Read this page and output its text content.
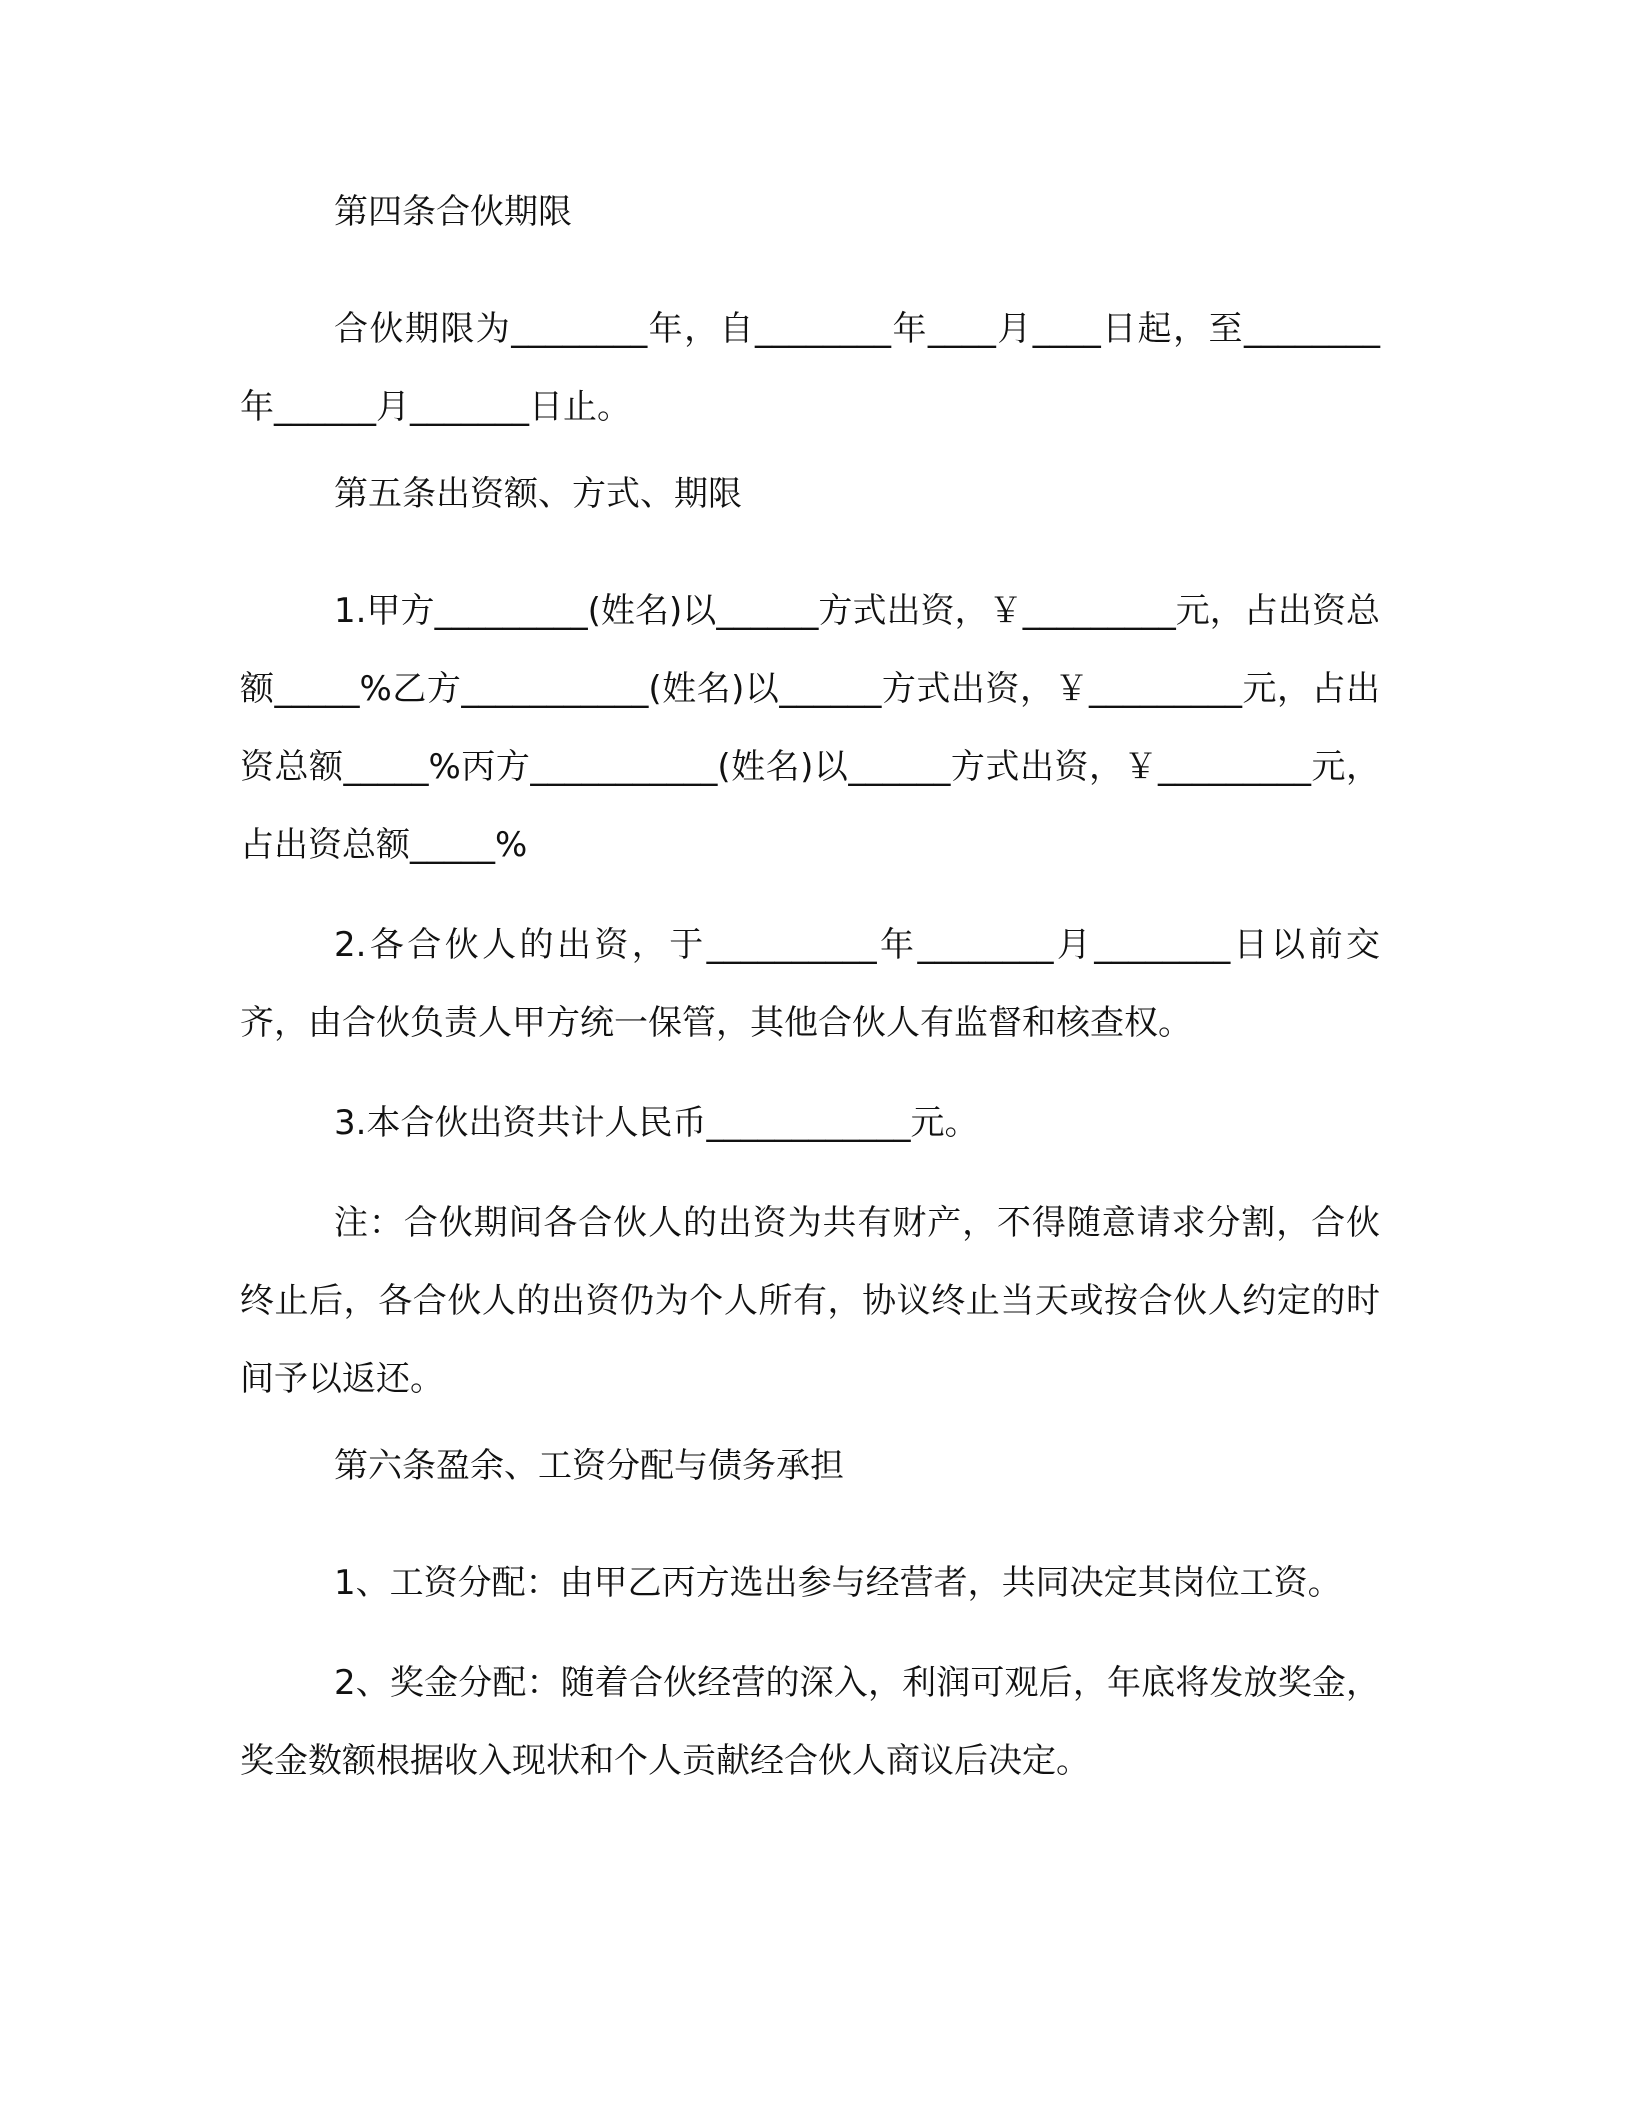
第四条合伙期限

合伙期限为________年，自________年____月____日起，至________年______月_______日止。

第五条出资额、方式、期限

1.甲方_________(姓名)以______方式出资，￥_________元，占出资总额_____%乙方___________(姓名)以______方式出资，￥_________元，占出资总额_____%丙方___________(姓名)以______方式出资，￥_________元，占出资总额_____%

2.各合伙人的出资，于__________年________月________日以前交齐，由合伙负责人甲方统一保管，其他合伙人有监督和核查权。

3.本合伙出资共计人民币____________元。

注：合伙期间各合伙人的出资为共有财产，不得随意请求分割，合伙终止后，各合伙人的出资仍为个人所有，协议终止当天或按合伙人约定的时间予以返还。

第六条盈余、工资分配与债务承担

1、工资分配：由甲乙丙方选出参与经营者，共同决定其岗位工资。

2、奖金分配：随着合伙经营的深入，利润可观后，年底将发放奖金，奖金数额根据收入现状和个人贡献经合伙人商议后决定。
